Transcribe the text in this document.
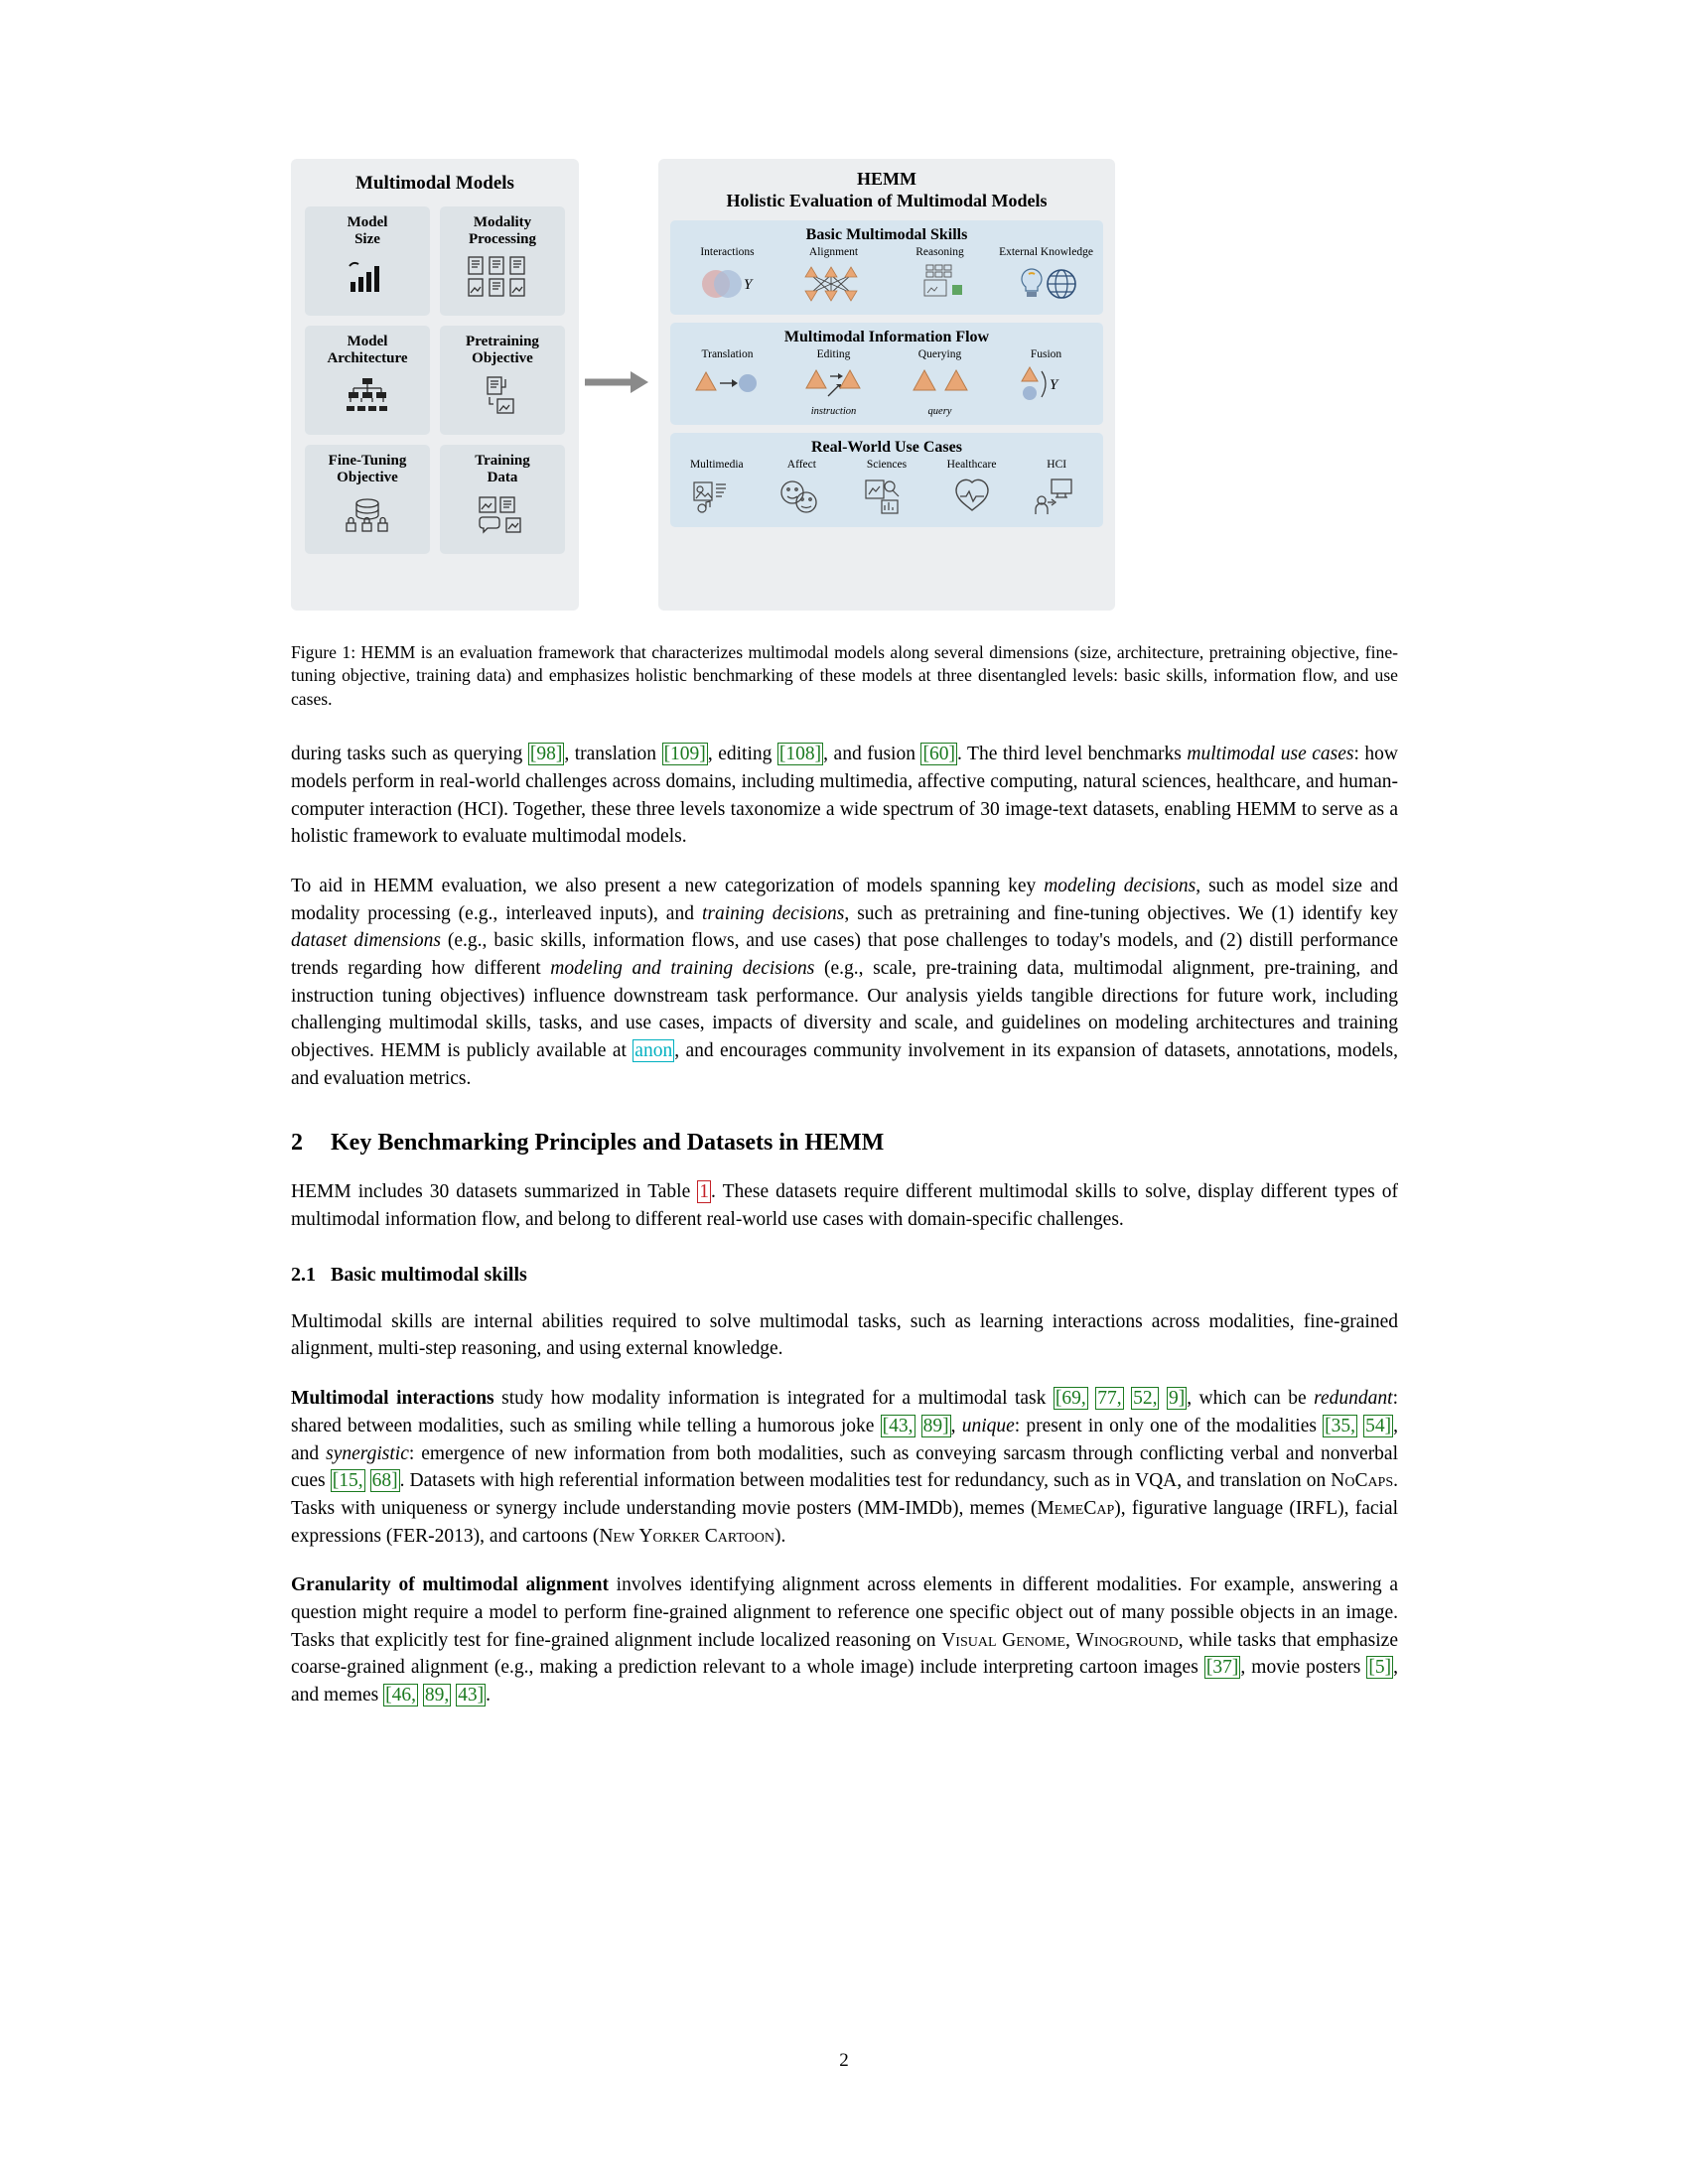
Multimodal Models
Model
Size
Modality
Processing
Model
Architecture
Pretraining
Objective
Fine-Tuning
Objective
Training
Data
HEMM
Holistic Evaluation of Multimodal Models
Basic Multimodal Skills
Interactions
Y
Alignment	Reasoning	External Knowledge
Multimodal Information Flow
Translation	Editing
instruction
Querying
query
Fusion
Y
Real-World Use Cases
Multimedia	Affect	Sciences	Healthcare	HCI
Figure 1: HEMM is an evaluation framework that characterizes multimodal models along several dimensions (size, architecture, pretraining objective, fine-tuning objective, training data) and emphasizes holistic benchmarking of these models at three disentangled levels: basic skills, information flow, and use cases.

during tasks such as querying [98] , translation [109] , editing [108] , and fusion [60] . The third level benchmarks multimodal use cases: how models perform in real-world challenges across domains, including multimedia, affective computing, natural sciences, healthcare, and human-computer interaction (HCI). Together, these three levels taxonomize a wide spectrum of 30 image-text datasets, enabling HEMM to serve as a holistic framework to evaluate multimodal models.

To aid in HEMM evaluation, we also present a new categorization of models spanning key modeling decisions, such as model size and modality processing (e.g., interleaved inputs), and training decisions, such as pretraining and fine-tuning objectives. We (1) identify key dataset dimensions (e.g., basic skills, information flows, and use cases) that pose challenges to today's models, and (2) distill performance trends regarding how different modeling and training decisions (e.g., scale, pre-training data, multimodal alignment, pre-training, and instruction tuning objectives) influence downstream task performance. Our analysis yields tangible directions for future work, including challenging multimodal skills, tasks, and use cases, impacts of diversity and scale, and guidelines on modeling architectures and training objectives. HEMM is publicly available at anon , and encourages community involvement in its expansion of datasets, annotations, models, and evaluation metrics.

2 Key Benchmarking Principles and Datasets in HEMM

HEMM includes 30 datasets summarized in Table 1 . These datasets require different multimodal skills to solve, display different types of multimodal information flow, and belong to different real-world use cases with domain-specific challenges.

2.1 Basic multimodal skills

Multimodal skills are internal abilities required to solve multimodal tasks, such as learning interactions across modalities, fine-grained alignment, multi-step reasoning, and using external knowledge.

Multimodal interactions study how modality information is integrated for a multimodal task [69, 77, 52, 9] , which can be redundant: shared between modalities, such as smiling while telling a humorous joke [43, 89] , unique: present in only one of the modalities [35, 54] , and synergistic: emergence of new information from both modalities, such as conveying sarcasm through conflicting verbal and nonverbal cues [15, 68] . Datasets with high referential information between modalities test for redundancy, such as in VQA, and translation on NoCaps. Tasks with uniqueness or synergy include understanding movie posters (MM-IMDb), memes (MemeCap), figurative language (IRFL), facial expressions (FER-2013), and cartoons (New Yorker Cartoon).

Granularity of multimodal alignment involves identifying alignment across elements in different modalities. For example, answering a question might require a model to perform fine-grained alignment to reference one specific object out of many possible objects in an image. Tasks that explicitly test for fine-grained alignment include localized reasoning on Visual Genome, Winoground, while tasks that emphasize coarse-grained alignment (e.g., making a prediction relevant to a whole image) include interpreting cartoon images [37] , movie posters [5] , and memes [46, 89, 43] .

2
